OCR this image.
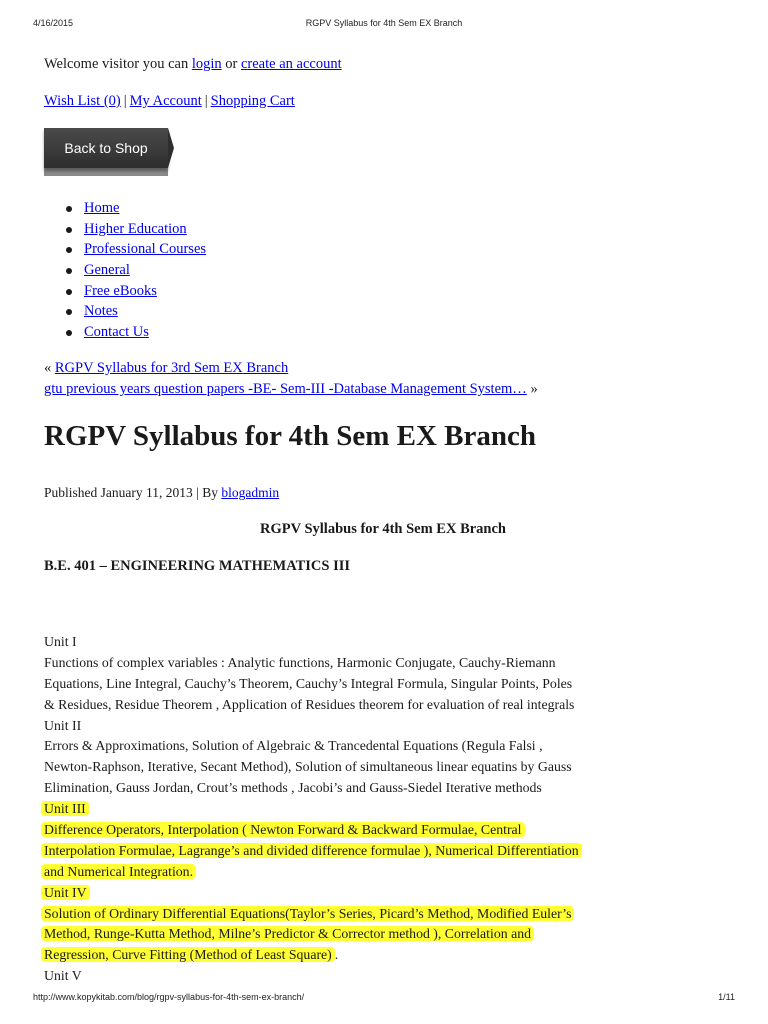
4/16/2015	RGPV Syllabus for 4th Sem EX Branch
Welcome visitor you can login or create an account
Wish List (0) | My Account | Shopping Cart
Back to Shop
Home
Higher Education
Professional Courses
General
Free eBooks
Notes
Contact Us
« RGPV Syllabus for 3rd Sem EX Branch
gtu previous years question papers -BE- Sem-III -Database Management System… »
RGPV Syllabus for 4th Sem EX Branch
Published January 11, 2013 | By blogadmin
RGPV Syllabus for 4th Sem EX Branch
B.E. 401 – ENGINEERING MATHEMATICS III
Unit I
Functions of complex variables : Analytic functions, Harmonic Conjugate, Cauchy-Riemann
Equations, Line Integral, Cauchy’s Theorem, Cauchy’s Integral Formula, Singular Points, Poles
& Residues, Residue Theorem , Application of Residues theorem for evaluation of real integrals
Unit II
Errors & Approximations, Solution of Algebraic & Trancedental Equations (Regula Falsi ,
Newton-Raphson, Iterative, Secant Method), Solution of simultaneous linear equatins by Gauss
Elimination, Gauss Jordan, Crout’s methods , Jacobi’s and Gauss-Siedel Iterative methods
Unit III
Difference Operators, Interpolation ( Newton Forward & Backward Formulae, Central
Interpolation Formulae, Lagrange’s and divided difference formulae ), Numerical Differentiation
and Numerical Integration.
Unit IV
Solution of Ordinary Differential Equations(Taylor’s Series, Picard’s Method, Modified Euler’s
Method, Runge-Kutta Method, Milne’s Predictor & Corrector method ), Correlation and
Regression, Curve Fitting (Method of Least Square) .
Unit V
http://www.kopykitab.com/blog/rgpv-syllabus-for-4th-sem-ex-branch/	1/11
